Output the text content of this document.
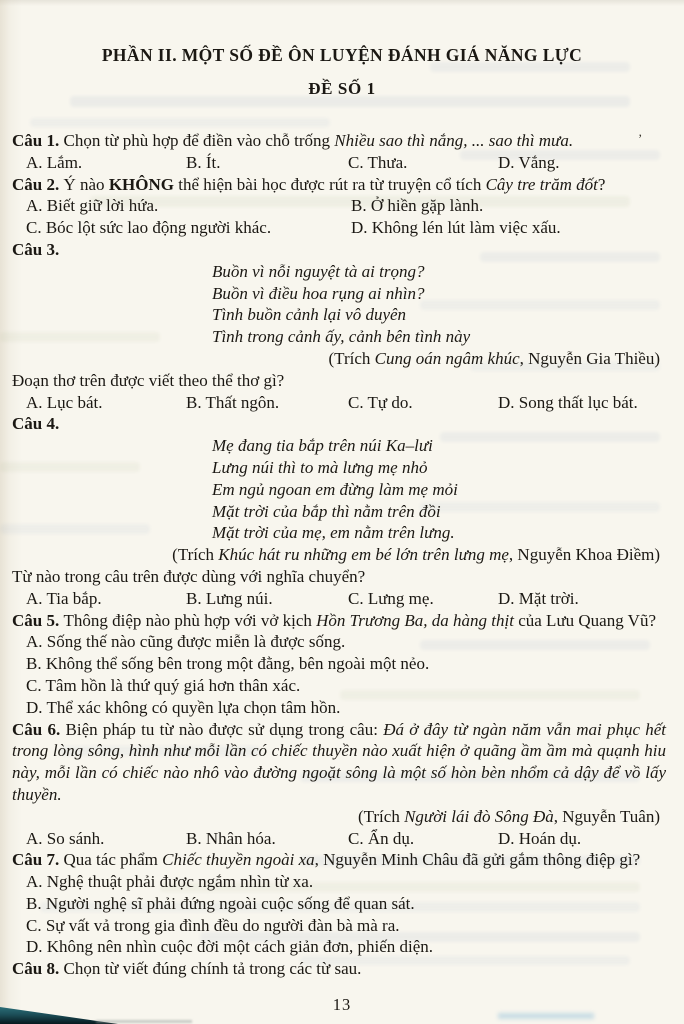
PHẦN II. MỘT SỐ ĐỀ ÔN LUYỆN ĐÁNH GIÁ NĂNG LỰC
ĐỀ SỐ 1
’

Câu 1. Chọn từ phù hợp để điền vào chỗ trống Nhiều sao thì nắng, ... sao thì mưa.

A. Lắm.	B. Ít.	C. Thưa.	D. Vắng.

Câu 2. Ý nào KHÔNG thể hiện bài học được rút ra từ truyện cổ tích Cây tre trăm đốt?

A. Biết giữ lời hứa.	B. Ở hiền gặp lành.
C. Bóc lột sức lao động người khác.	D. Không lén lút làm việc xấu.

Câu 3.

Buồn vì nỗi nguyệt tà ai trọng?
Buồn vì điều hoa rụng ai nhìn?
Tình buồn cảnh lại vô duyên
Tình trong cảnh ấy, cảnh bên tình này
(Trích Cung oán ngâm khúc, Nguyễn Gia Thiều)

Đoạn thơ trên được viết theo thể thơ gì?

A. Lục bát.	B. Thất ngôn.	C. Tự do.	D. Song thất lục bát.

Câu 4.

Mẹ đang tia bắp trên núi Ka–lưi
Lưng núi thì to mà lưng mẹ nhỏ
Em ngủ ngoan em đừng làm mẹ mỏi
Mặt trời của bắp thì nằm trên đồi
Mặt trời của mẹ, em nằm trên lưng.
(Trích Khúc hát ru những em bé lớn trên lưng mẹ, Nguyễn Khoa Điềm)

Từ nào trong câu trên được dùng với nghĩa chuyển?

A. Tia bắp.	B. Lưng núi.	C. Lưng mẹ.	D. Mặt trời.

Câu 5. Thông điệp nào phù hợp với vở kịch Hồn Trương Ba, da hàng thịt của Lưu Quang Vũ?

A. Sống thế nào cũng được miễn là được sống.
B. Không thể sống bên trong một đằng, bên ngoài một nẻo.
C. Tâm hồn là thứ quý giá hơn thân xác.
D. Thể xác không có quyền lựa chọn tâm hồn.

Câu 6. Biện pháp tu từ nào được sử dụng trong câu: Đá ở đây từ ngàn năm vẫn mai phục hết trong lòng sông, hình như mỗi lần có chiếc thuyền nào xuất hiện ở quãng ầm ầm mà quạnh hiu này, mỗi lần có chiếc nào nhô vào đường ngoặt sông là một số hòn bèn nhổm cả dậy để vồ lấy thuyền.

(Trích Người lái đò Sông Đà, Nguyễn Tuân)
A. So sánh.	B. Nhân hóa.	C. Ẩn dụ.	D. Hoán dụ.

Câu 7. Qua tác phẩm Chiếc thuyền ngoài xa, Nguyễn Minh Châu đã gửi gắm thông điệp gì?

A. Nghệ thuật phải được ngắm nhìn từ xa.
B. Người nghệ sĩ phải đứng ngoài cuộc sống để quan sát.
C. Sự vất vả trong gia đình đều do người đàn bà mà ra.
D. Không nên nhìn cuộc đời một cách giản đơn, phiến diện.

Câu 8. Chọn từ viết đúng chính tả trong các từ sau.

13
